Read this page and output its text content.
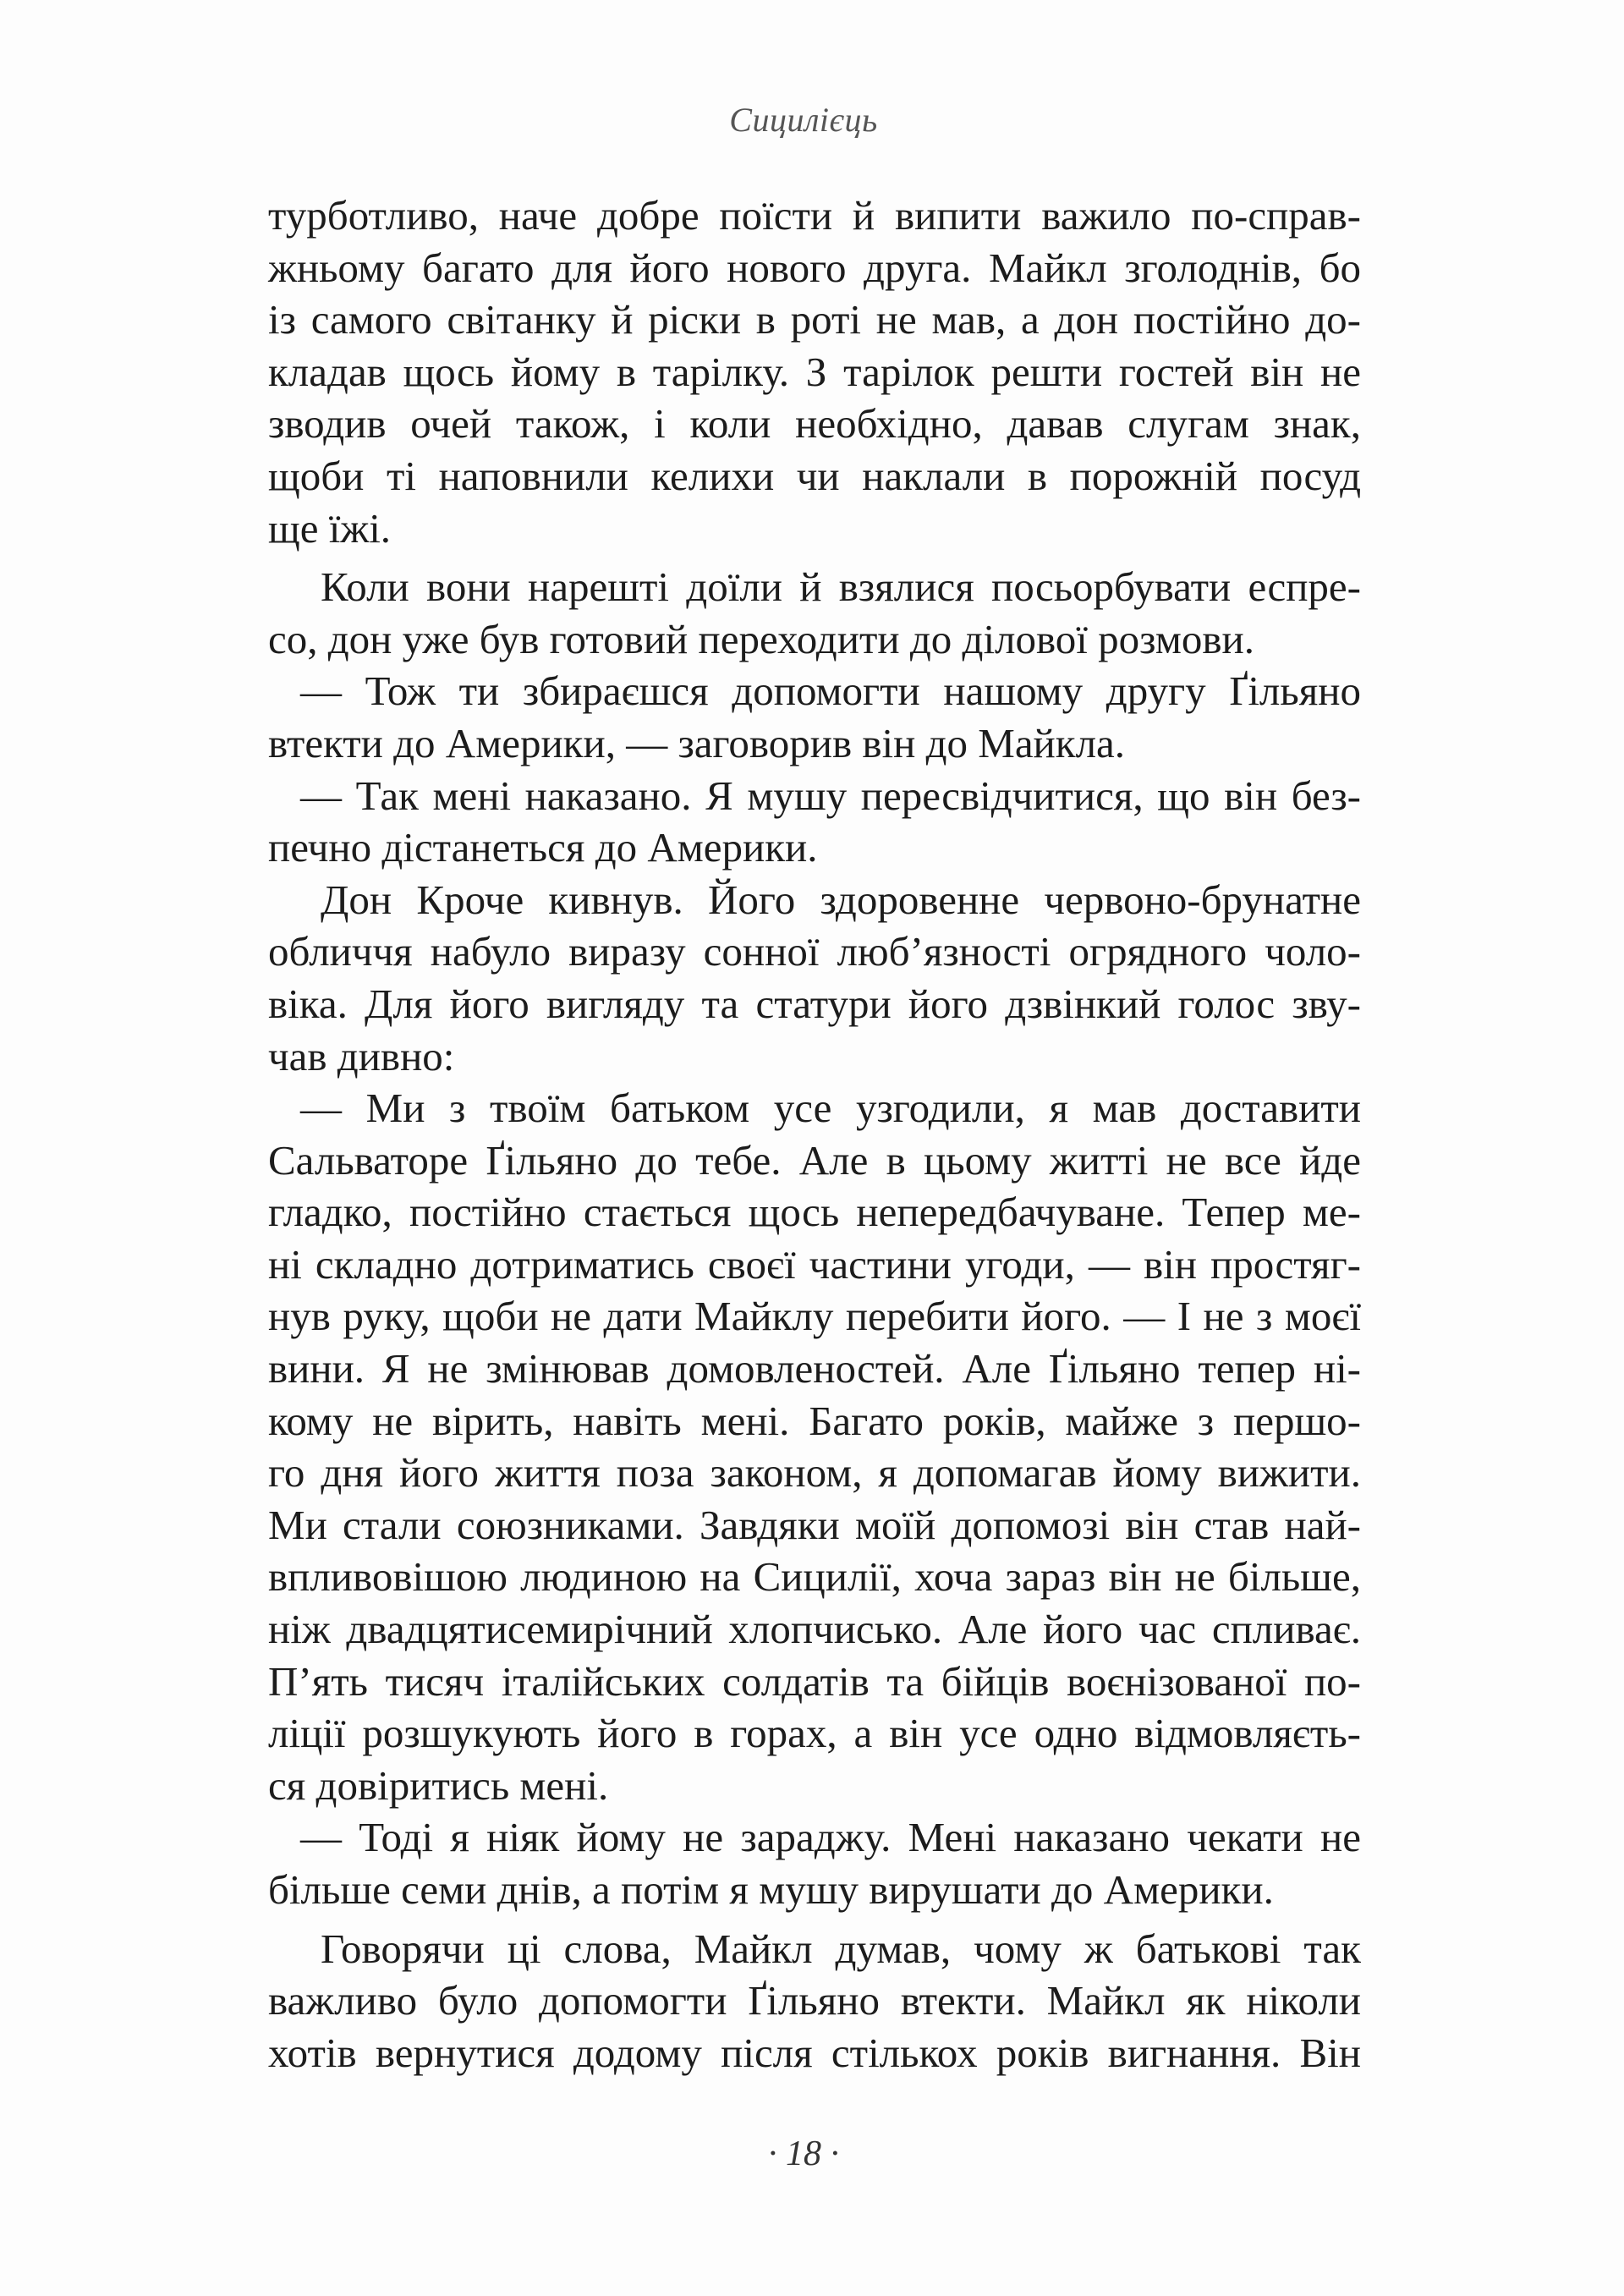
Сицилієць
турботливо, наче добре поїсти й випити важило по-справ-
жньому багато для його нового друга. Майкл зголоднів, бо
із самого світанку й ріски в роті не мав, а дон постійно до-
кладав щось йому в тарілку. З тарілок решти гостей він не
зводив очей також, і коли необхідно, давав слугам знак,
щоби ті наповнили келихи чи наклали в порожній посуд
ще їжі.
Коли вони нарешті доїли й взялися посьорбувати еспре-
со, дон уже був готовий переходити до ділової розмови.
— Тож ти збираєшся допомогти нашому другу Ґільяно
втекти до Америки, — заговорив він до Майкла.
— Так мені наказано. Я мушу пересвідчитися, що він без-
печно дістанеться до Америки.
Дон Кроче кивнув. Його здоровенне червоно-брунатне
обличчя набуло виразу сонної люб’язності огрядного чоло-
віка. Для його вигляду та статури його дзвінкий голос зву-
чав дивно:
— Ми з твоїм батьком усе узгодили, я мав доставити
Сальваторе Ґільяно до тебе. Але в цьому житті не все йде
гладко, постійно стається щось непередбачуване. Тепер ме-
ні складно дотриматись своєї частини угоди, — він простяг-
нув руку, щоби не дати Майклу перебити його. — І не з моєї
вини. Я не змінював домовленостей. Але Ґільяно тепер ні-
кому не вірить, навіть мені. Багато років, майже з першо-
го дня його життя поза законом, я допомагав йому вижити.
Ми стали союзниками. Завдяки моїй допомозі він став най-
впливовішою людиною на Сицилії, хоча зараз він не більше,
ніж двадцятисемирічний хлопчисько. Але його час спливає.
П’ять тисяч італійських солдатів та бійців воєнізованої по-
ліції розшукують його в горах, а він усе одно відмовляєть-
ся довіритись мені.
— Тоді я ніяк йому не зараджу. Мені наказано чекати не
більше семи днів, а потім я мушу вирушати до Америки.
Говорячи ці слова, Майкл думав, чому ж батькові так
важливо було допомогти Ґільяно втекти. Майкл як ніколи
хотів вернутися додому після стількох років вигнання. Він
· 18 ·
